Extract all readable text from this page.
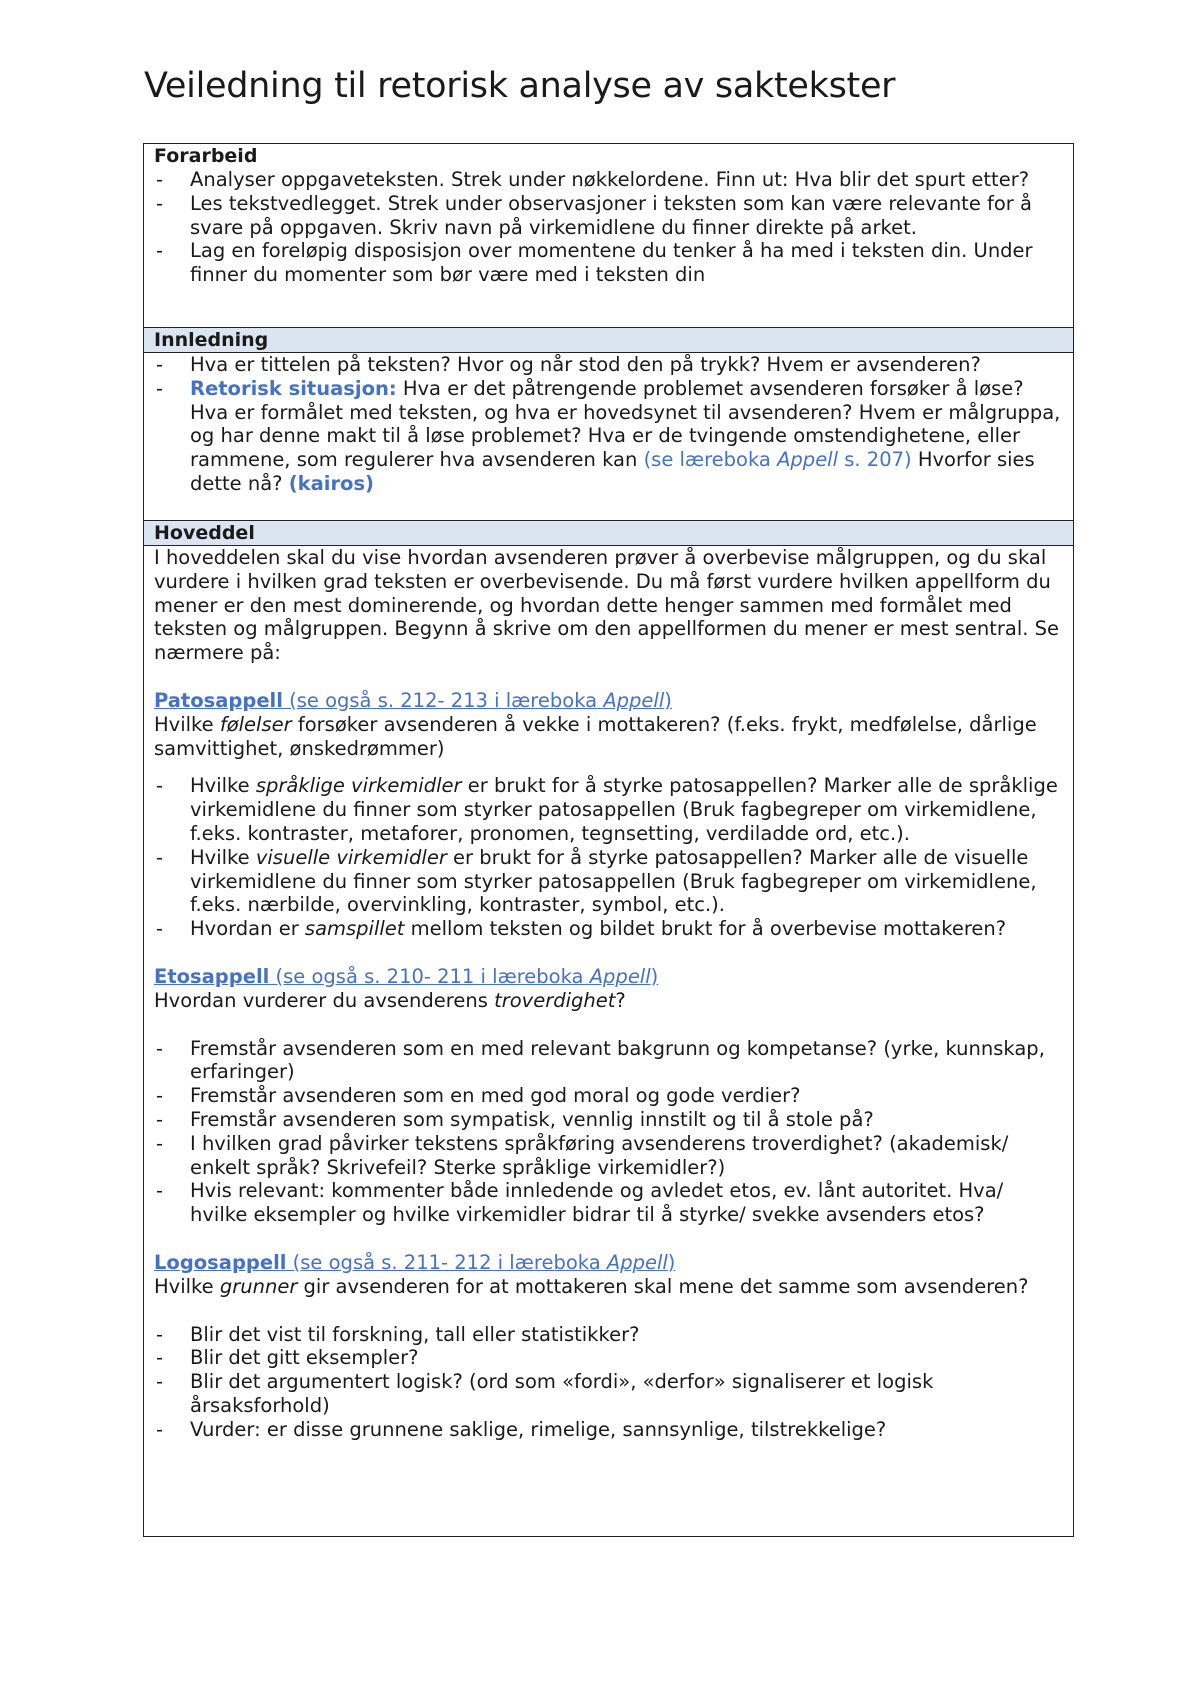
Veiledning til retorisk analyse av saktekster
Forarbeid
- Analyser oppgaveteksten. Strek under nøkkelordene. Finn ut: Hva blir det spurt etter?
- Les tekstvedlegget. Strek under observasjoner i teksten som kan være relevante for å svare på oppgaven. Skriv navn på virkemidlene du finner direkte på arket.
- Lag en foreløpig disposisjon over momentene du tenker å ha med i teksten din. Under finner du momenter som bør være med i teksten din
Innledning
- Hva er tittelen på teksten? Hvor og når stod den på trykk? Hvem er avsenderen?
- Retorisk situasjon: Hva er det påtrengende problemet avsenderen forsøker å løse? Hva er formålet med teksten, og hva er hovedsynet til avsenderen? Hvem er målgruppa, og har denne makt til å løse problemet? Hva er de tvingende omstendighetene, eller rammene, som regulerer hva avsenderen kan (se læreboka Appell s. 207) Hvorfor sies dette nå? (kairos)
Hoveddel

I hoveddelen skal du vise hvordan avsenderen prøver å overbevise målgruppen, og du skal vurdere i hvilken grad teksten er overbevisende. Du må først vurdere hvilken appellform du mener er den mest dominerende, og hvordan dette henger sammen med formålet med teksten og målgruppen. Begynn å skrive om den appellformen du mener er mest sentral. Se nærmere på:

Patosappell (se også s. 212- 213 i læreboka Appell)

Hvilke følelser forsøker avsenderen å vekke i mottakeren? (f.eks. frykt, medfølelse, dårlige samvittighet, ønskedrømmer)

- Hvilke språklige virkemidler er brukt for å styrke patosappellen? Marker alle de språklige virkemidlene du finner som styrker patosappellen (Bruk fagbegreper om virkemidlene, f.eks. kontraster, metaforer, pronomen, tegnsetting, verdiladde ord, etc.).
- Hvilke visuelle virkemidler er brukt for å styrke patosappellen? Marker alle de visuelle virkemidlene du finner som styrker patosappellen (Bruk fagbegreper om virkemidlene, f.eks. nærbilde, overvinkling, kontraster, symbol, etc.).
- Hvordan er samspillet mellom teksten og bildet brukt for å overbevise mottakeren?

Etosappell (se også s. 210- 211 i læreboka Appell)

Hvordan vurderer du avsenderens troverdighet?

- Fremstår avsenderen som en med relevant bakgrunn og kompetanse? (yrke, kunnskap, erfaringer)
- Fremstår avsenderen som en med god moral og gode verdier?
- Fremstår avsenderen som sympatisk, vennlig innstilt og til å stole på?
- I hvilken grad påvirker tekstens språkføring avsenderens troverdighet? (akademisk/ enkelt språk? Skrivefeil? Sterke språklige virkemidler?)
- Hvis relevant: kommenter både innledende og avledet etos, ev. lånt autoritet. Hva/ hvilke eksempler og hvilke virkemidler bidrar til å styrke/ svekke avsenders etos?

Logosappell (se også s. 211- 212 i læreboka Appell)

Hvilke grunner gir avsenderen for at mottakeren skal mene det samme som avsenderen?

- Blir det vist til forskning, tall eller statistikker?
- Blir det gitt eksempler?
- Blir det argumentert logisk? (ord som «fordi», «derfor» signaliserer et logisk årsaksforhold)
- Vurder: er disse grunnene saklige, rimelige, sannsynlige, tilstrekkelige?
